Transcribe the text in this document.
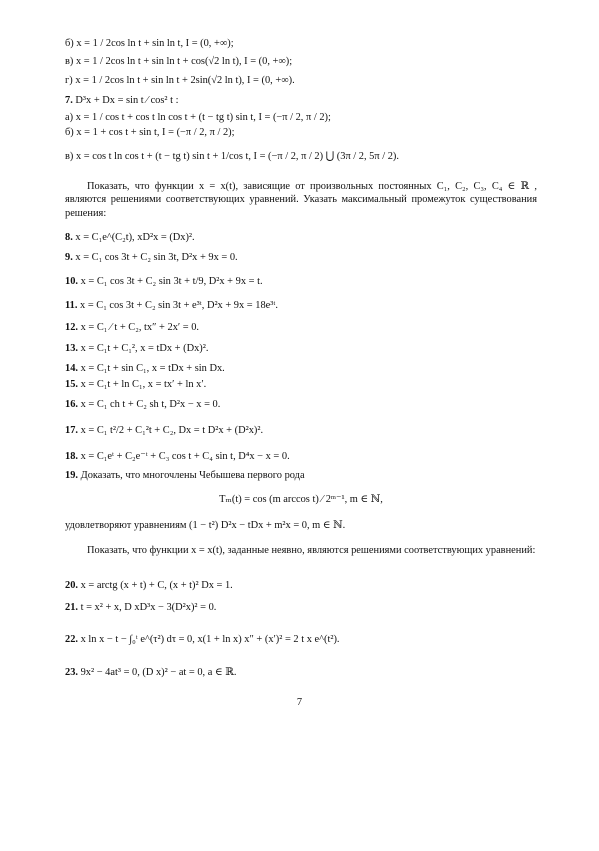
б) x = 1 / 2cos ln t + sin ln t, I = (0, +∞);
в) x = 1 / 2cos ln t + sin ln t + cos(√2 ln t), I = (0, +∞);
г) x = 1 / 2cos ln t + sin ln t + 2sin(√2 ln t), I = (0, +∞).
7. D³x + Dx = sin t ⁄ cos² t :
а) x = 1 / cos t + cos t ln cos t + (t − tg t) sin t, I = (−π / 2, π / 2);
б) x = 1 + cos t + sin t, I = (−π / 2, π / 2);
в) x = cos t ln cos t + (t − tg t) sin t + 1/cos t, I = (−π / 2, π / 2) ⋃ (3π / 2, 5π / 2).
Показать, что функции x = x(t), зависящие от произвольных постоянных C₁, C₂, C₃, C₄ ∈ ℝ , являются решениями соответствующих уравнений. Указать максимальный промежуток существования решения:
8. x = C₁e^(C₂t), xD²x = (Dx)².
9. x = C₁ cos 3t + C₂ sin 3t, D²x + 9x = 0.
10. x = C₁ cos 3t + C₂ sin 3t + t/9, D²x + 9x = t.
11. x = C₁ cos 3t + C₂ sin 3t + e³ᵗ, D²x + 9x = 18e³ᵗ.
12. x = C₁ ⁄ t + C₂, tx″ + 2x′ = 0.
13. x = C₁t + C₁², x = tDx + (Dx)².
14. x = C₁t + sin C₁, x = tDx + sin Dx.
15. x = C₁t + ln C₁, x = tx′ + ln x′.
16. x = C₁ ch t + C₂ sh t, D²x − x = 0.
17. x = C₁ t²/2 + C₁²t + C₂, Dx = t D²x + (D²x)².
18. x = C₁eᵗ + C₂e⁻ᵗ + C₃ cos t + C₄ sin t, D⁴x − x = 0.
19. Доказать, что многочлены Чебышева первого рода
Tₘ(t) = cos (m arccos t) ⁄ 2ᵐ⁻¹, m ∈ ℕ,
удовлетворяют уравнениям (1 − t²) D²x − tDx + m²x = 0, m ∈ ℕ.
Показать, что функции x = x(t), заданные неявно, являются решениями соответствующих уравнений:
20. x = arctg (x + t) + C, (x + t)² Dx = 1.
21. t = x² + x, D xD³x − 3(D²x)² = 0.
22. x ln x − t − ∫₀ᵗ e^(τ²) dτ = 0, x(1 + ln x) x″ + (x′)² = 2 t x e^(t²).
23. 9x² − 4at³ = 0, (D x)² − at = 0, a ∈ ℝ.
7
